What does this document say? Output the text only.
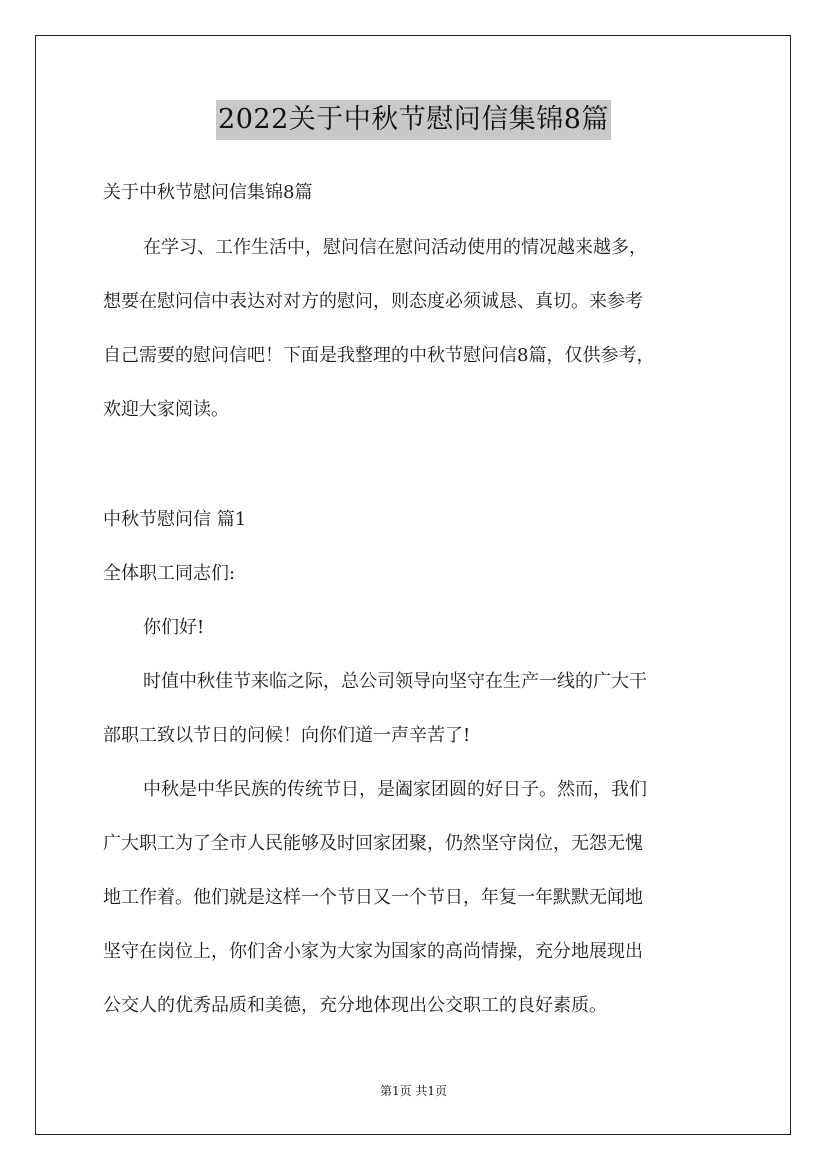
2022关于中秋节慰问信集锦8篇
关于中秋节慰问信集锦8篇
在学习、工作生活中，慰问信在慰问活动使用的情况越来越多，
想要在慰问信中表达对对方的慰问，则态度必须诚恳、真切。来参考
自己需要的慰问信吧！下面是我整理的中秋节慰问信8篇，仅供参考，
欢迎大家阅读。
中秋节慰问信 篇1
全体职工同志们:
你们好!
时值中秋佳节来临之际，总公司领导向坚守在生产一线的广大干
部职工致以节日的问候！向你们道一声辛苦了!
中秋是中华民族的传统节日，是阖家团圆的好日子。然而，我们
广大职工为了全市人民能够及时回家团聚，仍然坚守岗位，无怨无愧
地工作着。他们就是这样一个节日又一个节日，年复一年默默无闻地
坚守在岗位上，你们舍小家为大家为国家的高尚情操，充分地展现出
公交人的优秀品质和美德，充分地体现出公交职工的良好素质。
第1页 共1页
